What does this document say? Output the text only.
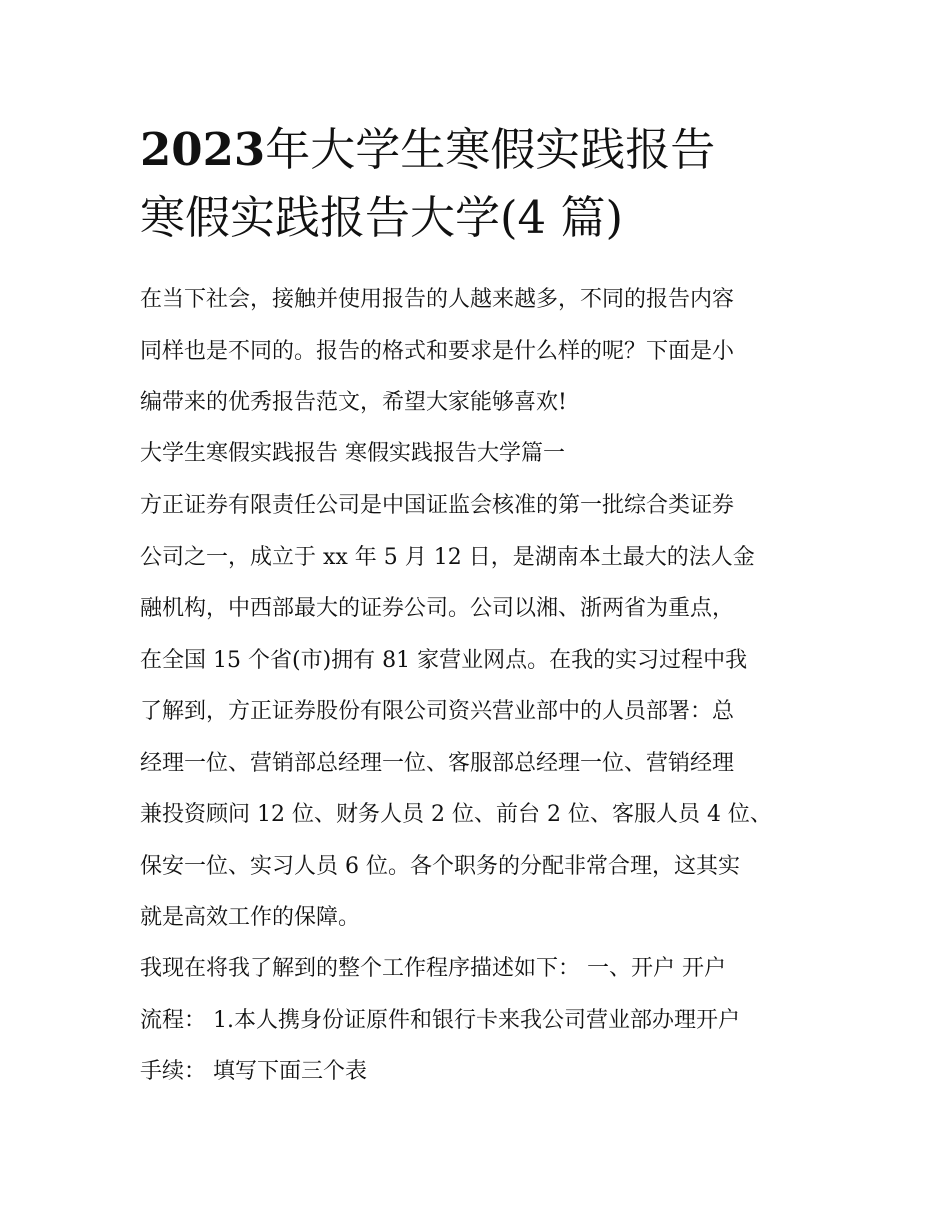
2023年大学生寒假实践报告
寒假实践报告大学(4 篇)

在当下社会，接触并使用报告的人越来越多，不同的报告内容
同样也是不同的。报告的格式和要求是什么样的呢？下面是小
编带来的优秀报告范文，希望大家能够喜欢!

大学生寒假实践报告 寒假实践报告大学篇一

方正证券有限责任公司是中国证监会核准的第一批综合类证券
公司之一，成立于 xx 年 5 月 12 日，是湖南本土最大的法人金
融机构，中西部最大的证券公司。公司以湘、浙两省为重点，
在全国 15 个省(市)拥有 81 家营业网点。在我的实习过程中我
了解到，方正证券股份有限公司资兴营业部中的人员部署：总
经理一位、营销部总经理一位、客服部总经理一位、营销经理
兼投资顾问 12 位、财务人员 2 位、前台 2 位、客服人员 4 位、
保安一位、实习人员 6 位。各个职务的分配非常合理，这其实
就是高效工作的保障。

我现在将我了解到的整个工作程序描述如下： 一、开户 开户
流程： 1.本人携身份证原件和银行卡来我公司营业部办理开户
手续： 填写下面三个表
